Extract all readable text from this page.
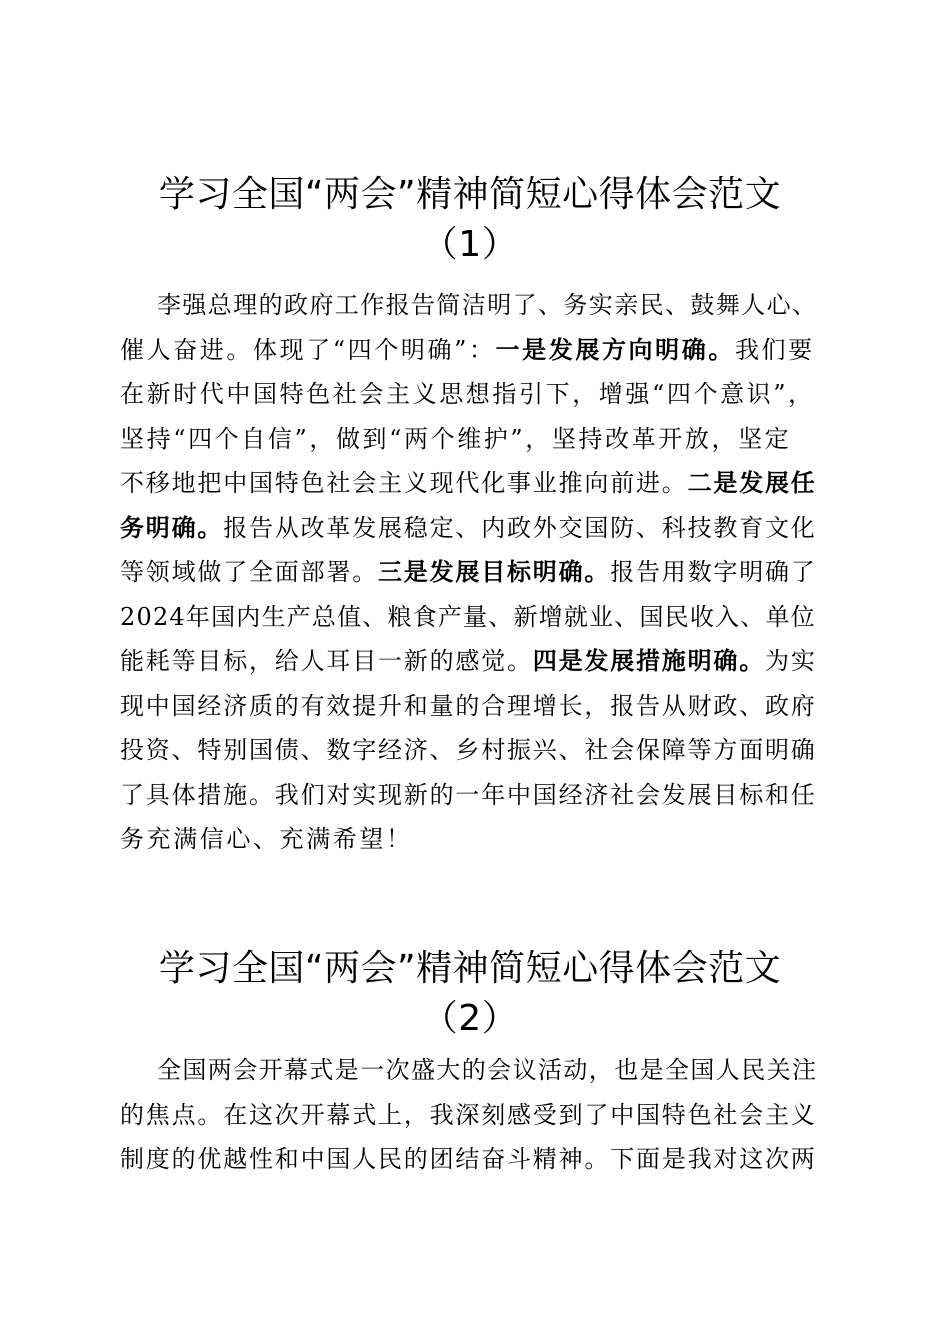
学习全国“两会”精神简短心得体会范文
（1）

李强总理的政府工作报告简洁明了、务实亲民、鼓舞人心、
催人奋进。体现了“四个明确”：一是发展方向明确。我们要
在新时代中国特色社会主义思想指引下，增强“四个意识”，
坚持“四个自信”，做到“两个维护”，坚持改革开放，坚定
不移地把中国特色社会主义现代化事业推向前进。二是发展任
务明确。报告从改革发展稳定、内政外交国防、科技教育文化
等领域做了全面部署。三是发展目标明确。报告用数字明确了
2024年国内生产总值、粮食产量、新增就业、国民收入、单位
能耗等目标，给人耳目一新的感觉。四是发展措施明确。为实
现中国经济质的有效提升和量的合理增长，报告从财政、政府
投资、特别国债、数字经济、乡村振兴、社会保障等方面明确
了具体措施。我们对实现新的一年中国经济社会发展目标和任
务充满信心、充满希望！

学习全国“两会”精神简短心得体会范文
（2）

全国两会开幕式是一次盛大的会议活动，也是全国人民关注
的焦点。在这次开幕式上，我深刻感受到了中国特色社会主义
制度的优越性和中国人民的团结奋斗精神。下面是我对这次两
